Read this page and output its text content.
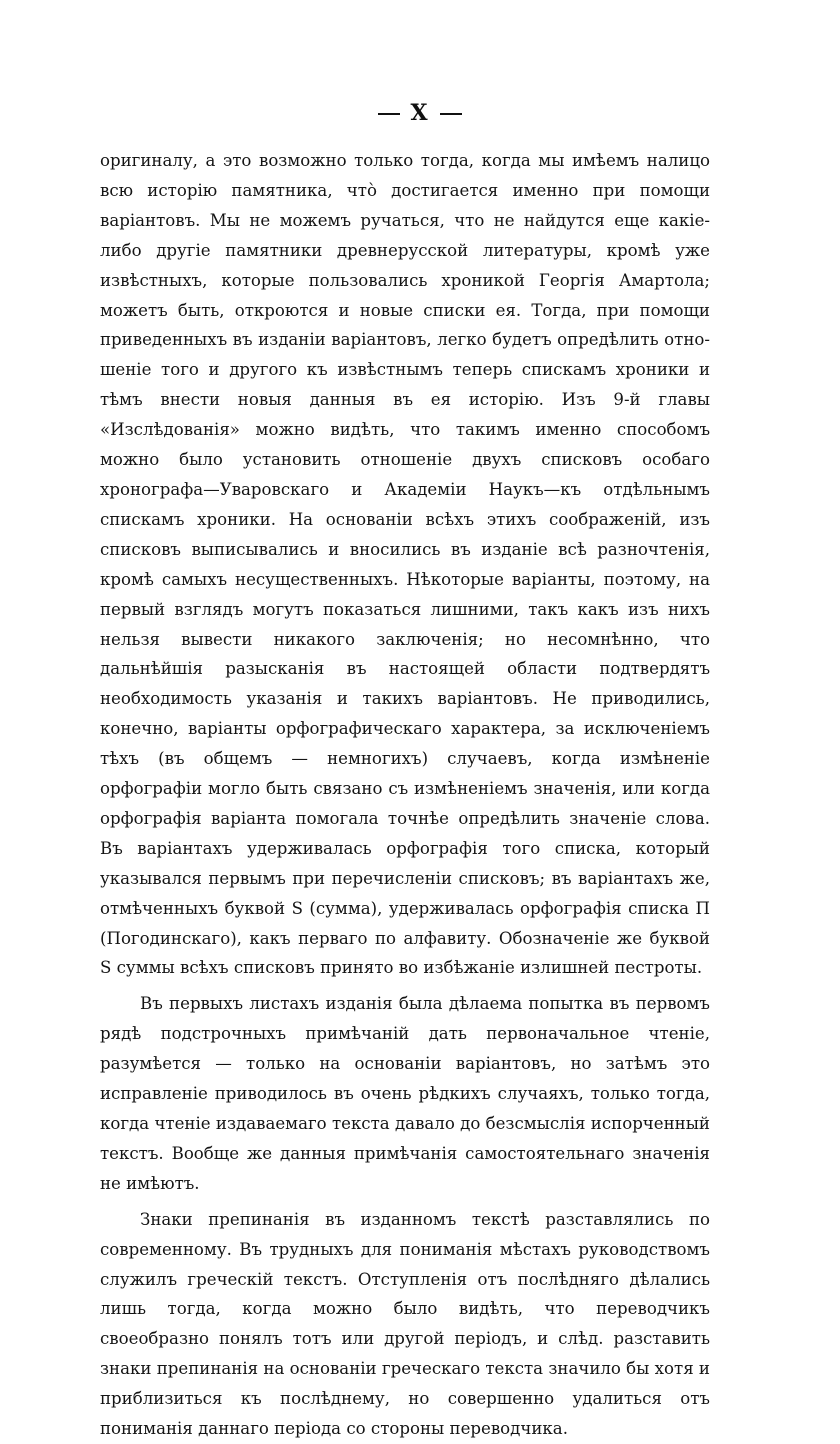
X

оригиналу, а это возможно только тогда, когда мы имѣемъ налицо всю исторію памятника, что̀ достигается именно при помощи варіантовъ. Мы не можемъ ручаться, что не найдутся еще какіе-либо другіе памятники древнерусской литературы, кромѣ уже извѣстныхъ, которые пользовались хроникой Георгія Амартола; можетъ быть, откроются и новые списки ея. Тогда, при помощи приведенныхъ въ изданіи варіантовъ, легко будетъ опредѣлить отношеніе того и другого къ извѣстнымъ теперь спискамъ хроники и тѣмъ внести новыя данныя въ ея исторію. Изъ 9-й главы «Изслѣдованія» можно видѣть, что такимъ именно способомъ можно было установить отношеніе двухъ списковъ особаго хронографа—Уваровскаго и Академіи Наукъ—къ отдѣльнымъ спискамъ хроники. На основаніи всѣхъ этихъ соображеній, изъ списковъ выписывались и вносились въ изданіе всѣ разночтенія, кромѣ самыхъ несущественныхъ. Нѣкоторые варіанты, поэтому, на первый взглядъ могутъ показаться лишними, такъ какъ изъ нихъ нельзя вывести никакого заключенія; но несомнѣнно, что дальнѣйшія разысканія въ настоящей области подтвердятъ необходимость указанія и такихъ варіантовъ. Не приводились, конечно, варіанты орфографическаго характера, за исключеніемъ тѣхъ (въ общемъ — немногихъ) случаевъ, когда измѣненіе орфографіи могло быть связано съ измѣненіемъ значенія, или когда орфографія варіанта помогала точнѣе опредѣлить значеніе слова. Въ варіантахъ удерживалась орфографія того списка, который указывался первымъ при перечисленіи списковъ; въ варіантахъ же, отмѣченныхъ буквой S (сумма), удерживалась орфографія списка П (Погодинскаго), какъ перваго по алфавиту. Обозначеніе же буквой S суммы всѣхъ списковъ принято во избѣжаніе излишней пестроты.

Въ первыхъ листахъ изданія была дѣлаема попытка въ первомъ рядѣ подстрочныхъ примѣчаній дать первоначальное чтеніе, разумѣется — только на основаніи варіантовъ, но затѣмъ это исправленіе приводилось въ очень рѣдкихъ случаяхъ, только тогда, когда чтеніе издаваемаго текста давало до безсмыслія испорченный текстъ. Вообще же данныя примѣчанія самостоятельнаго значенія не имѣютъ.

Знаки препинанія въ изданномъ текстѣ разставлялись по современному. Въ трудныхъ для пониманія мѣстахъ руководствомъ служилъ греческій текстъ. Отступленія отъ послѣдняго дѣлались лишь тогда, когда можно было видѣть, что переводчикъ своеобразно понялъ тотъ или другой періодъ, и слѣд. разставить знаки препинанія на основаніи греческаго текста значило бы хотя и приблизиться къ послѣднему, но совершенно удалиться отъ пониманія даннаго періода со стороны переводчика.
